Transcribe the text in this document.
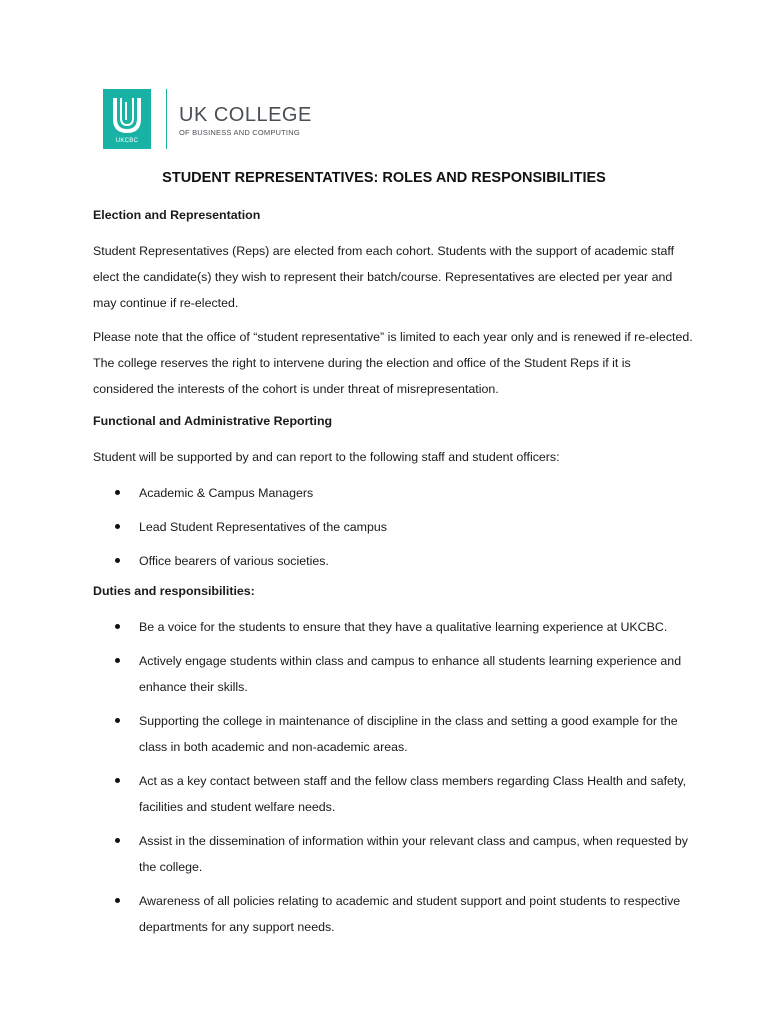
UKCBC
UK COLLEGE
OF BUSINESS AND COMPUTING
STUDENT REPRESENTATIVES: ROLES AND RESPONSIBILITIES
Election and Representation

Student Representatives (Reps) are elected from each cohort. Students with the support of academic staff elect the candidate(s) they wish to represent their batch/course. Representatives are elected per year and may continue if re-elected.

Please note that the office of “student representative” is limited to each year only and is renewed if re-elected. The college reserves the right to intervene during the election and office of the Student Reps if it is considered the interests of the cohort is under threat of misrepresentation.

Functional and Administrative Reporting

Student will be supported by and can report to the following staff and student officers:

Academic & Campus Managers
Lead Student Representatives of the campus
Office bearers of various societies.
Duties and responsibilities:
Be a voice for the students to ensure that they have a qualitative learning experience at UKCBC.
Actively engage students within class and campus to enhance all students learning experience and enhance their skills.
Supporting the college in maintenance of discipline in the class and setting a good example for the class in both academic and non-academic areas.
Act as a key contact between staff and the fellow class members regarding Class Health and safety, facilities and student welfare needs.
Assist in the dissemination of information within your relevant class and campus, when requested by the college.
Awareness of all policies relating to academic and student support and point students to respective departments for any support needs.
